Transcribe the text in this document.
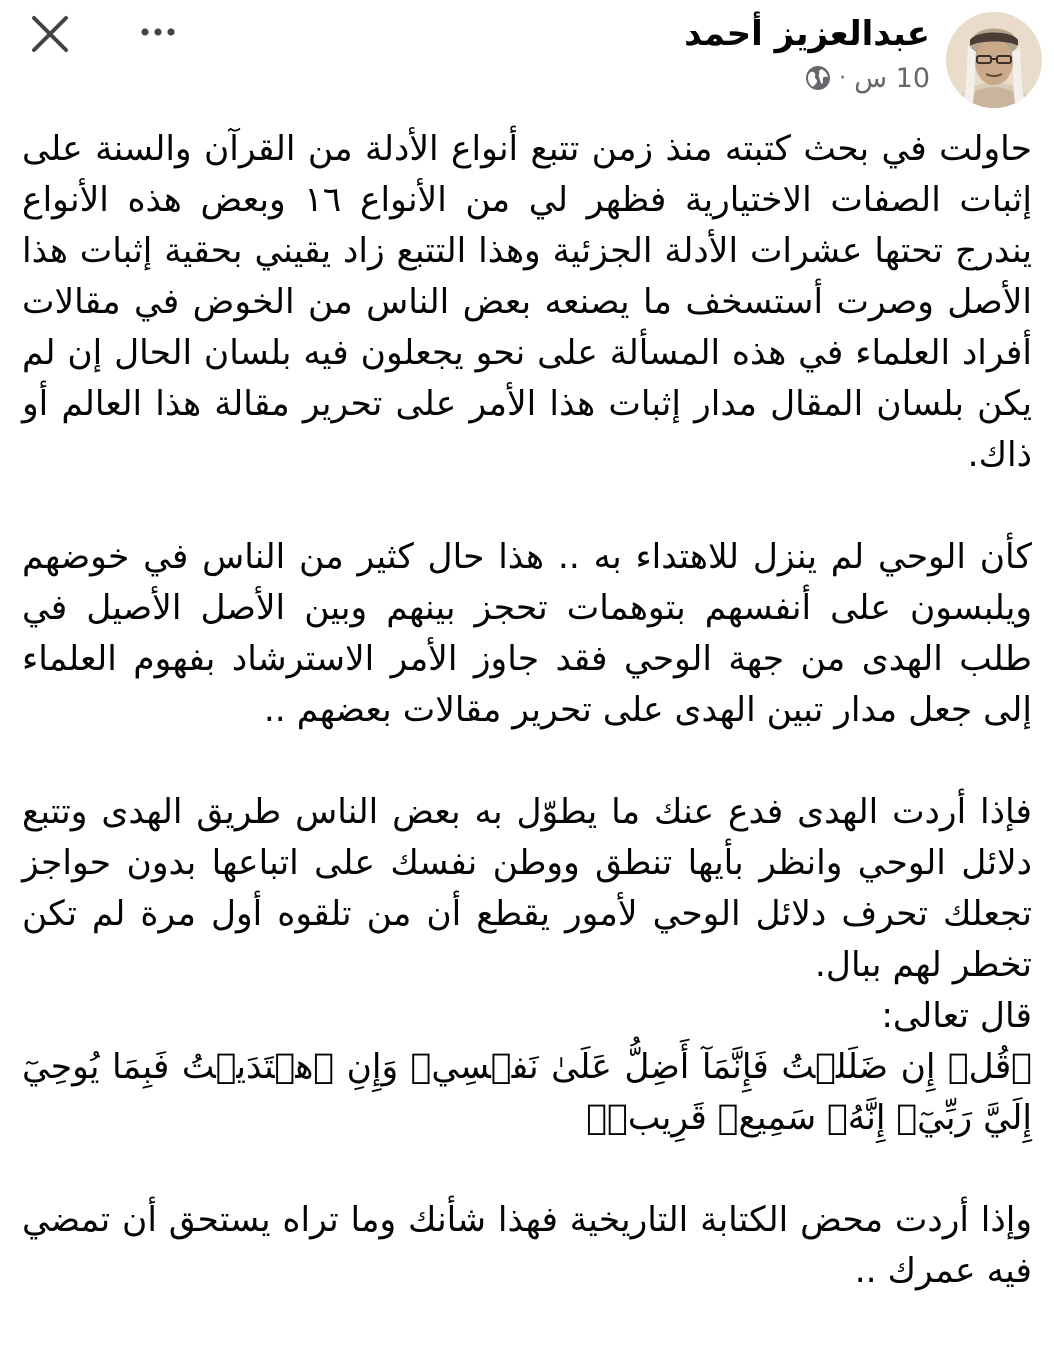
عبدالعزيز أحمد
10 س
·

حاولت في بحث كتبته منذ زمن تتبع أنواع الأدلة من القرآن والسنة على إثبات الصفات الاختيارية فظهر لي من الأنواع ١٦ وبعض هذه الأنواع يندرج تحتها عشرات الأدلة الجزئية وهذا التتبع زاد يقيني بحقية إثبات هذا الأصل وصرت أستسخف ما يصنعه بعض الناس من الخوض في مقالات أفراد العلماء في هذه المسألة على نحو يجعلون فيه بلسان الحال إن لم يكن بلسان المقال مدار إثبات هذا الأمر على تحرير مقالة هذا العالم أو ذاك.

كأن الوحي لم ينزل للاهتداء به .. هذا حال كثير من الناس في خوضهم ويلبسون على أنفسهم بتوهمات تحجز بينهم وبين الأصل الأصيل في طلب الهدى من جهة الوحي فقد جاوز الأمر الاسترشاد بفهوم العلماء إلى جعل مدار تبين الهدى على تحرير مقالات بعضهم ..

فإذا أردت الهدى فدع عنك ما يطوّل به بعض الناس طريق الهدى وتتبع دلائل الوحي وانظر بأيها تنطق ووطن نفسك على اتباعها بدون حواجز تجعلك تحرف دلائل الوحي لأمور يقطع أن من تلقوه أول مرة لم تكن تخطر لهم ببال.

قال تعالى:

﴿قُلۡ إِن ضَلَلۡتُ فَإِنَّمَآ أَضِلُّ عَلَىٰ نَفۡسِيۖ وَإِنِ ٱهۡتَدَيۡتُ فَبِمَا يُوحِيٓ إِلَيَّ رَبِّيٓۚ إِنَّهُۥ سَمِيعٞ قَرِيبٞ﴾

وإذا أردت محض الكتابة التاريخية فهذا شأنك وما تراه يستحق أن تمضي فيه عمرك ..
